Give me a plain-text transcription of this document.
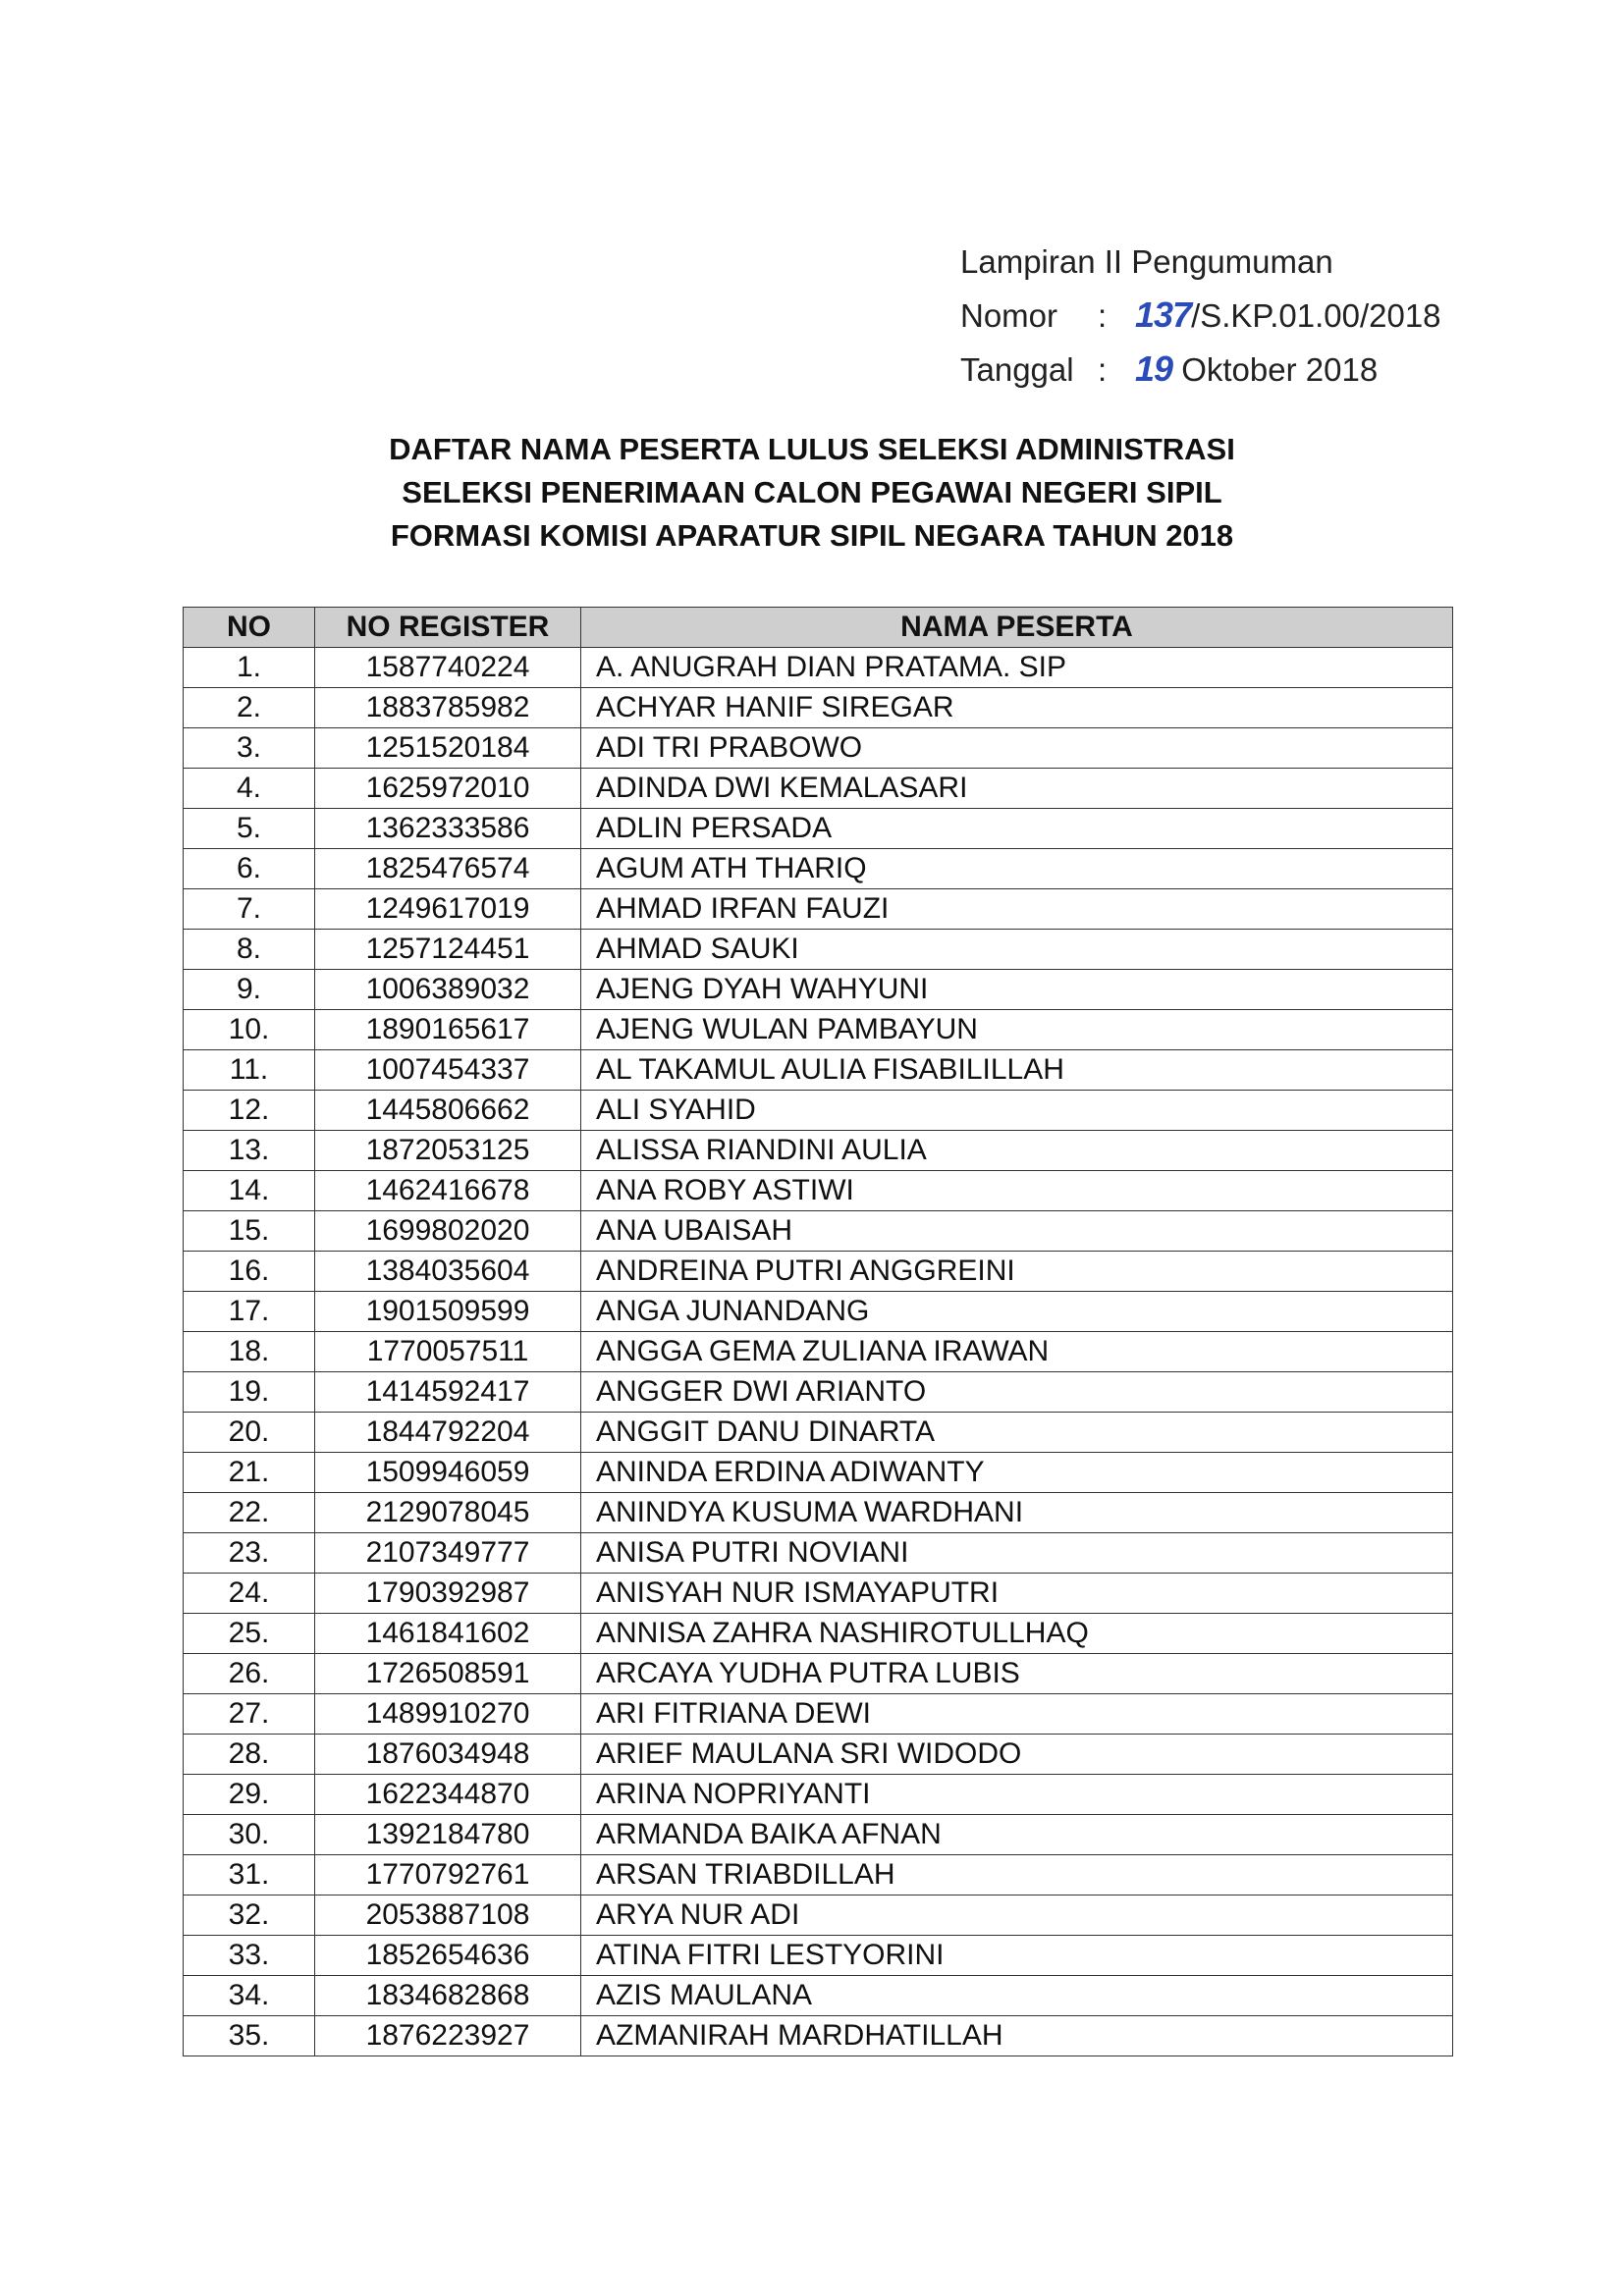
Lampiran II Pengumuman
Nomor : 137/S.KP.01.00/2018
Tanggal : 19 Oktober 2018
DAFTAR NAMA PESERTA LULUS SELEKSI ADMINISTRASI
SELEKSI PENERIMAAN CALON PEGAWAI NEGERI SIPIL
FORMASI KOMISI APARATUR SIPIL NEGARA TAHUN 2018
NO	NO REGISTER	NAMA PESERTA
1.	1587740224	A. ANUGRAH DIAN PRATAMA. SIP
2.	1883785982	ACHYAR HANIF SIREGAR
3.	1251520184	ADI TRI PRABOWO
4.	1625972010	ADINDA DWI KEMALASARI
5.	1362333586	ADLIN PERSADA
6.	1825476574	AGUM ATH THARIQ
7.	1249617019	AHMAD IRFAN FAUZI
8.	1257124451	AHMAD SAUKI
9.	1006389032	AJENG DYAH WAHYUNI
10.	1890165617	AJENG WULAN PAMBAYUN
11.	1007454337	AL TAKAMUL AULIA FISABILILLAH
12.	1445806662	ALI SYAHID
13.	1872053125	ALISSA RIANDINI AULIA
14.	1462416678	ANA ROBY ASTIWI
15.	1699802020	ANA UBAISAH
16.	1384035604	ANDREINA PUTRI ANGGREINI
17.	1901509599	ANGA JUNANDANG
18.	1770057511	ANGGA GEMA ZULIANA IRAWAN
19.	1414592417	ANGGER DWI ARIANTO
20.	1844792204	ANGGIT DANU DINARTA
21.	1509946059	ANINDA ERDINA ADIWANTY
22.	2129078045	ANINDYA KUSUMA WARDHANI
23.	2107349777	ANISA PUTRI NOVIANI
24.	1790392987	ANISYAH NUR ISMAYAPUTRI
25.	1461841602	ANNISA ZAHRA NASHIROTULLHAQ
26.	1726508591	ARCAYA YUDHA PUTRA LUBIS
27.	1489910270	ARI FITRIANA DEWI
28.	1876034948	ARIEF MAULANA SRI WIDODO
29.	1622344870	ARINA NOPRIYANTI
30.	1392184780	ARMANDA BAIKA AFNAN
31.	1770792761	ARSAN TRIABDILLAH
32.	2053887108	ARYA NUR ADI
33.	1852654636	ATINA FITRI LESTYORINI
34.	1834682868	AZIS MAULANA
35.	1876223927	AZMANIRAH MARDHATILLAH
